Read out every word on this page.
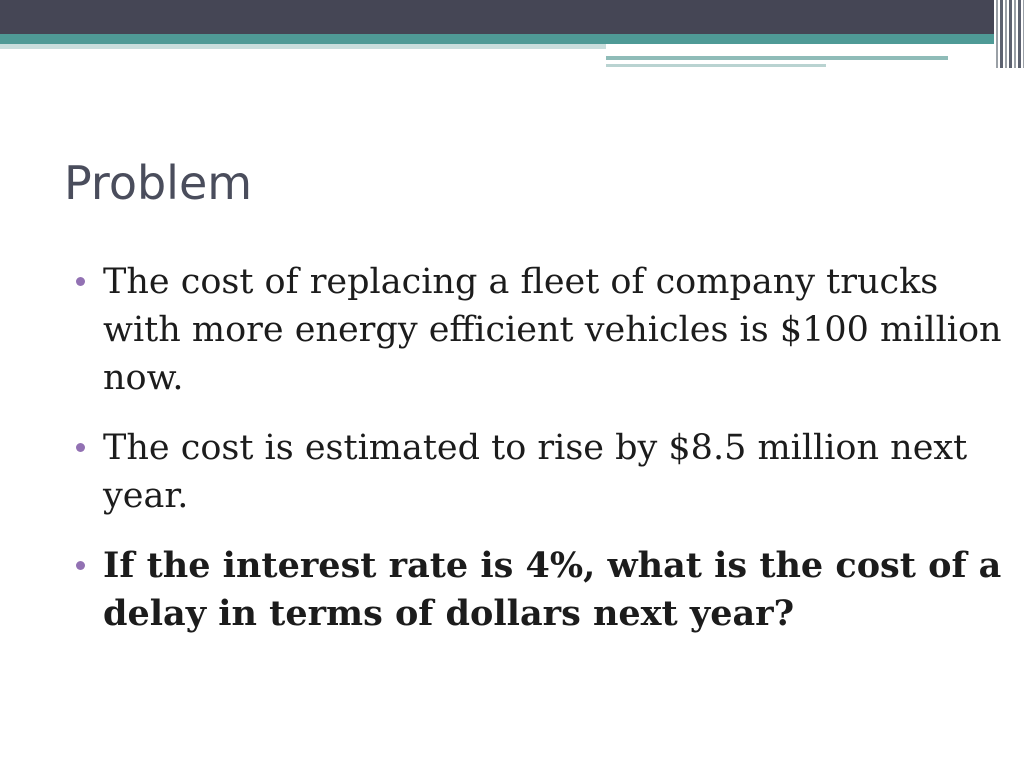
Problem
The cost of replacing a fleet of company trucks with more energy efficient vehicles is $100 million now.
The cost is estimated to rise by $8.5 million next year.
If the interest rate is 4%, what is the cost of a delay in terms of dollars next year?
